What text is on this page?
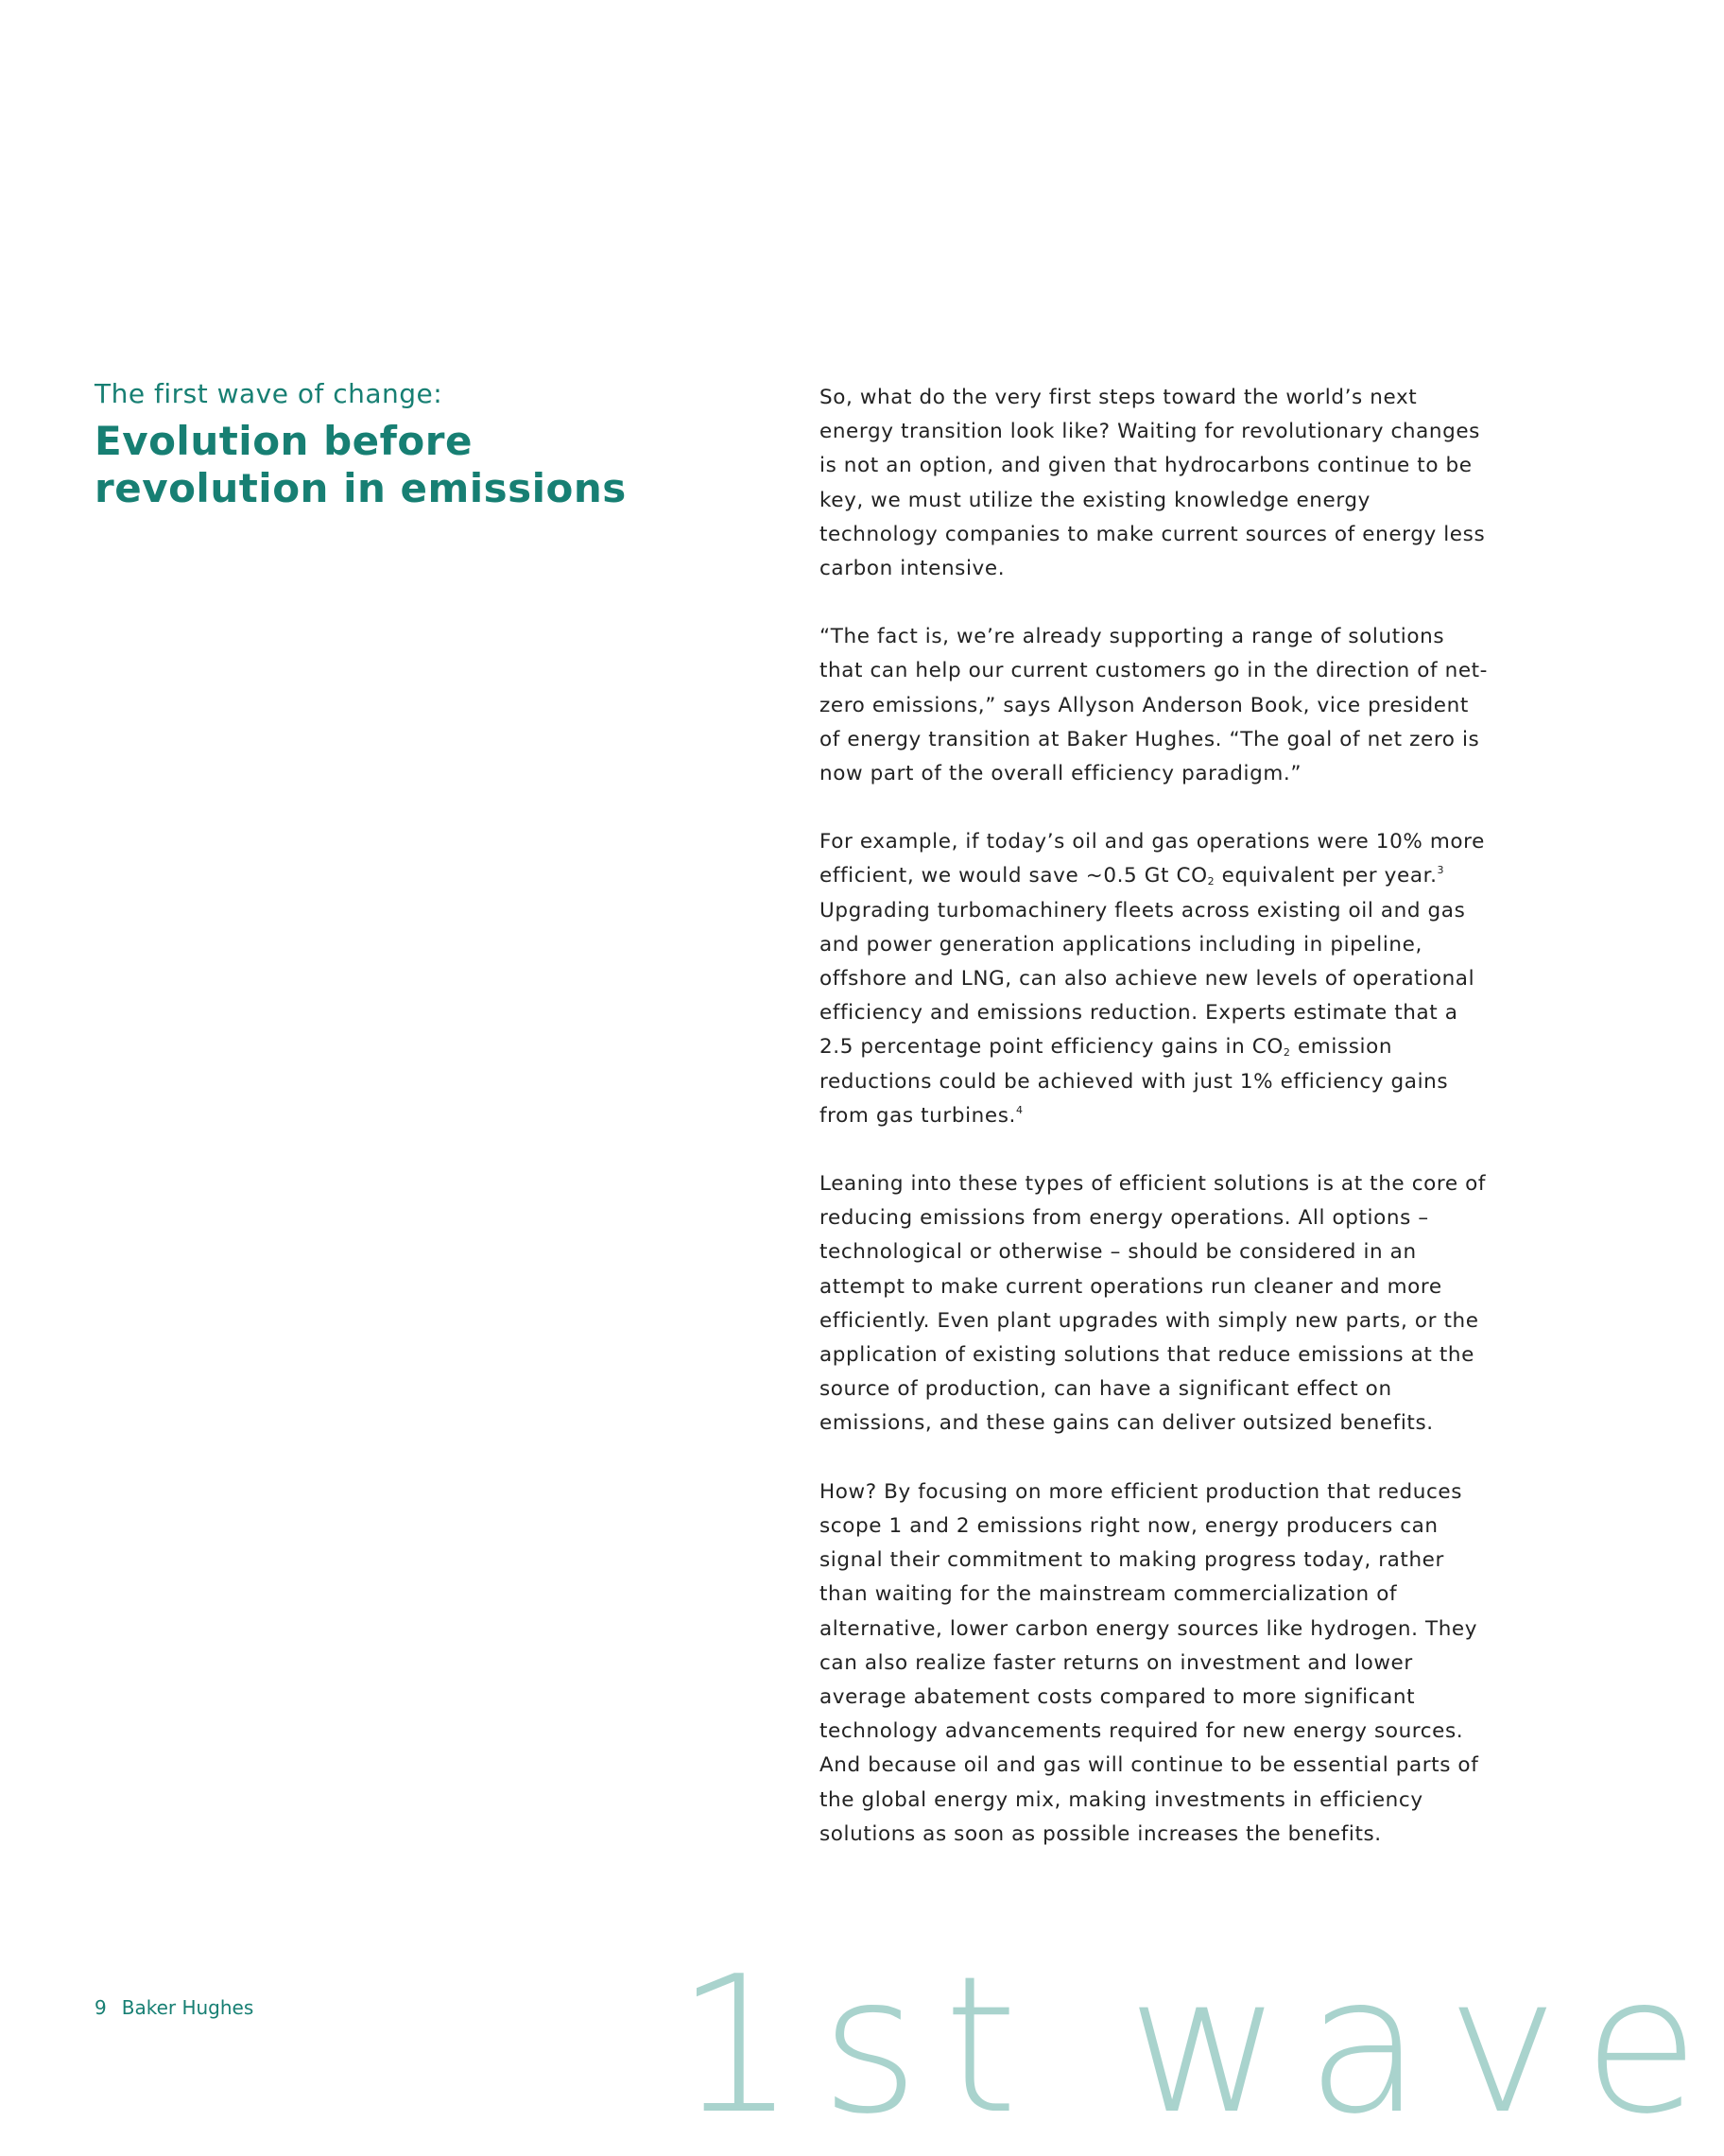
The first wave of change:

Evolution before
revolution in emissions

So, what do the very first steps toward the world’s next energy transition look like? Waiting for revolutionary changes is not an option, and given that hydrocarbons continue to be key, we must utilize the existing knowledge energy technology companies to make current sources of energy less carbon intensive.

“The fact is, we’re already supporting a range of solutions that can help our current customers go in the direction of net-zero emissions,” says Allyson Anderson Book, vice president of energy transition at Baker Hughes. “The goal of net zero is now part of the overall efficiency paradigm.”

For example, if today’s oil and gas operations were 10% more efficient, we would save ~0.5 Gt $CO_2$ equivalent per year.$^3$ Upgrading turbomachinery fleets across existing oil and gas and power generation applications including in pipeline, offshore and LNG, can also achieve new levels of operational efficiency and emissions reduction. Experts estimate that a 2.5 percentage point efficiency gains in $CO_2$ emission reductions could be achieved with just 1% efficiency gains from gas turbines.$^4$

Leaning into these types of efficient solutions is at the core of reducing emissions from energy operations. All options – technological or otherwise – should be considered in an attempt to make current operations run cleaner and more efficiently. Even plant upgrades with simply new parts, or the application of existing solutions that reduce emissions at the source of production, can have a significant effect on emissions, and these gains can deliver outsized benefits.

How? By focusing on more efficient production that reduces scope 1 and 2 emissions right now, energy producers can signal their commitment to making progress today, rather than waiting for the mainstream commercialization of alternative, lower carbon energy sources like hydrogen. They can also realize faster returns on investment and lower average abatement costs compared to more significant technology advancements required for new energy sources. And because oil and gas will continue to be essential parts of the global energy mix, making investments in efficiency solutions as soon as possible increases the benefits.

9 Baker Hughes 1st wave
